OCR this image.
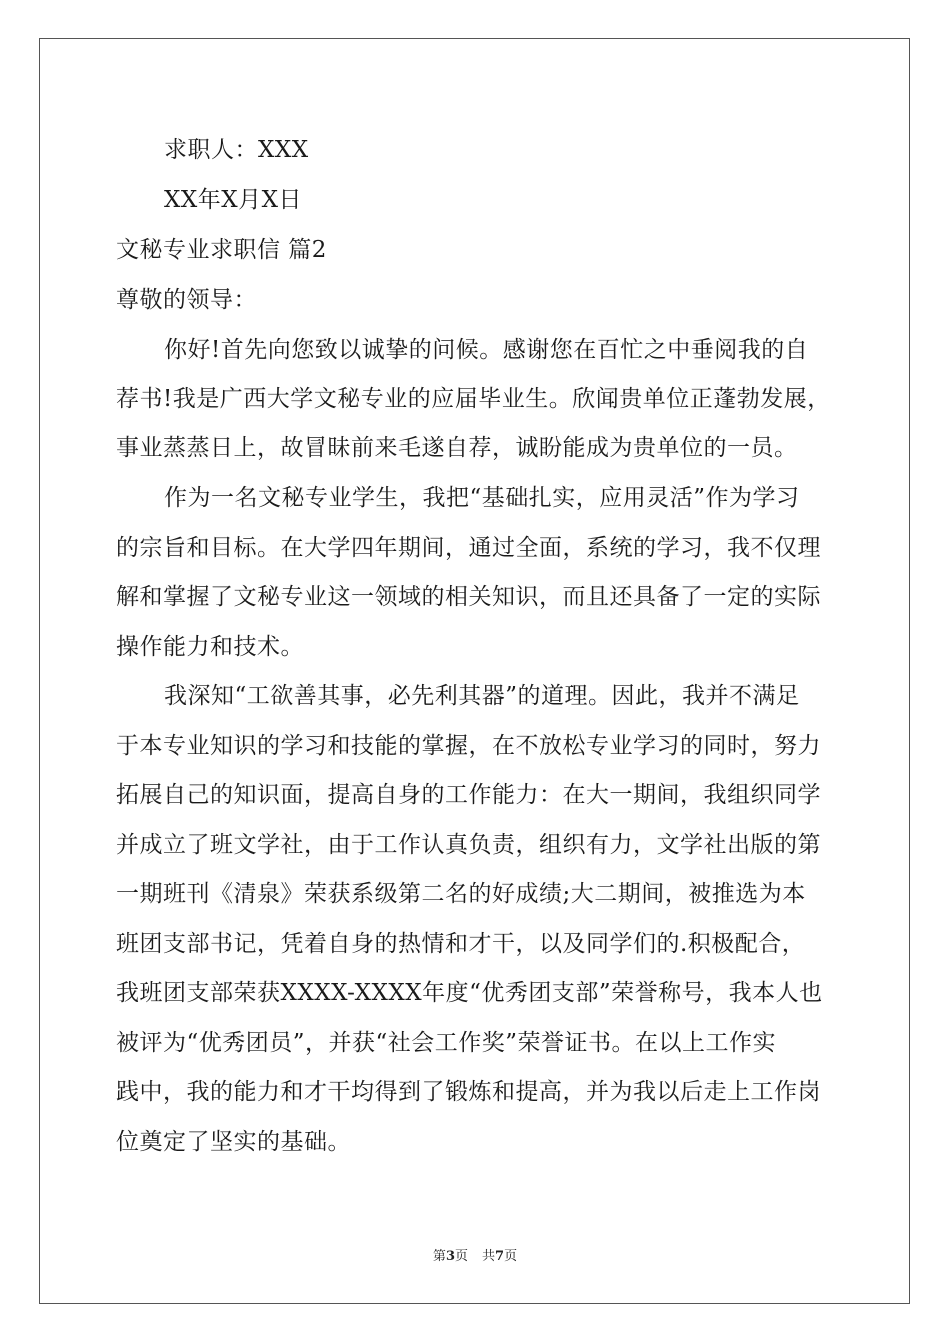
求职人：XXX
XX年X月X日
文秘专业求职信 篇2
尊敬的领导：
你好!首先向您致以诚挚的问候。感谢您在百忙之中垂阅我的自
荐书!我是广西大学文秘专业的应届毕业生。欣闻贵单位正蓬勃发展，
事业蒸蒸日上，故冒昧前来毛遂自荐，诚盼能成为贵单位的一员。
作为一名文秘专业学生，我把“基础扎实，应用灵活”作为学习
的宗旨和目标。在大学四年期间，通过全面，系统的学习，我不仅理
解和掌握了文秘专业这一领域的相关知识，而且还具备了一定的实际
操作能力和技术。
我深知“工欲善其事，必先利其器”的道理。因此，我并不满足
于本专业知识的学习和技能的掌握，在不放松专业学习的同时，努力
拓展自己的知识面，提高自身的工作能力：在大一期间，我组织同学
并成立了班文学社，由于工作认真负责，组织有力，文学社出版的第
一期班刊《清泉》荣获系级第二名的好成绩;大二期间，被推选为本
班团支部书记，凭着自身的热情和才干，以及同学们的.积极配合，
我班团支部荣获XXXX-XXXX年度“优秀团支部”荣誉称号，我本人也
被评为“优秀团员”，并获“社会工作奖”荣誉证书。在以上工作实
践中，我的能力和才干均得到了锻炼和提高，并为我以后走上工作岗
位奠定了坚实的基础。
第3页 共7页
